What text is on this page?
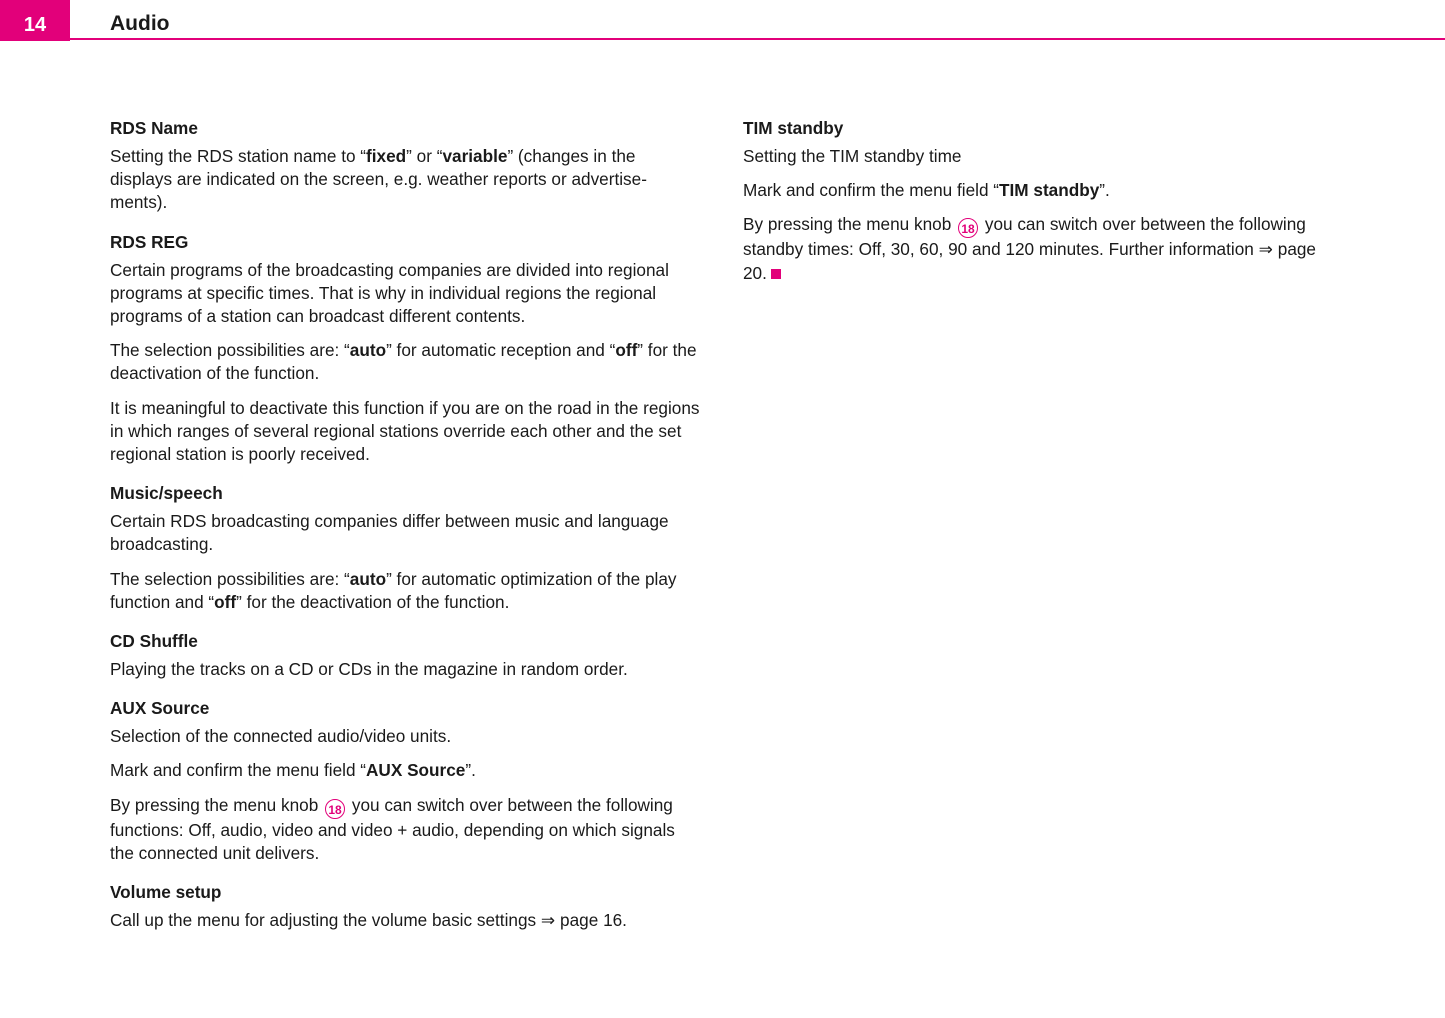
14	Audio
RDS Name

Setting the RDS station name to “fixed” or “variable” (changes in the displays are indicated on the screen, e.g. weather reports or advertise-ments).

RDS REG

Certain programs of the broadcasting companies are divided into regional programs at specific times. That is why in individual regions the regional programs of a station can broadcast different contents.

The selection possibilities are: “auto” for automatic reception and “off” for the deactivation of the function.

It is meaningful to deactivate this function if you are on the road in the regions in which ranges of several regional stations override each other and the set regional station is poorly received.

Music/speech

Certain RDS broadcasting companies differ between music and language broadcasting.

The selection possibilities are: “auto” for automatic optimization of the play function and “off” for the deactivation of the function.

CD Shuffle

Playing the tracks on a CD or CDs in the magazine in random order.

AUX Source

Selection of the connected audio/video units.

Mark and confirm the menu field “AUX Source”.

By pressing the menu knob 18 you can switch over between the following functions: Off, audio, video and video + audio, depending on which signals the connected unit delivers.

Volume setup

Call up the menu for adjusting the volume basic settings ⇒ page 16.

TIM standby

Setting the TIM standby time

Mark and confirm the menu field “TIM standby”.

By pressing the menu knob 18 you can switch over between the following standby times: Off, 30, 60, 90 and 120 minutes. Further information ⇒ page 20.
